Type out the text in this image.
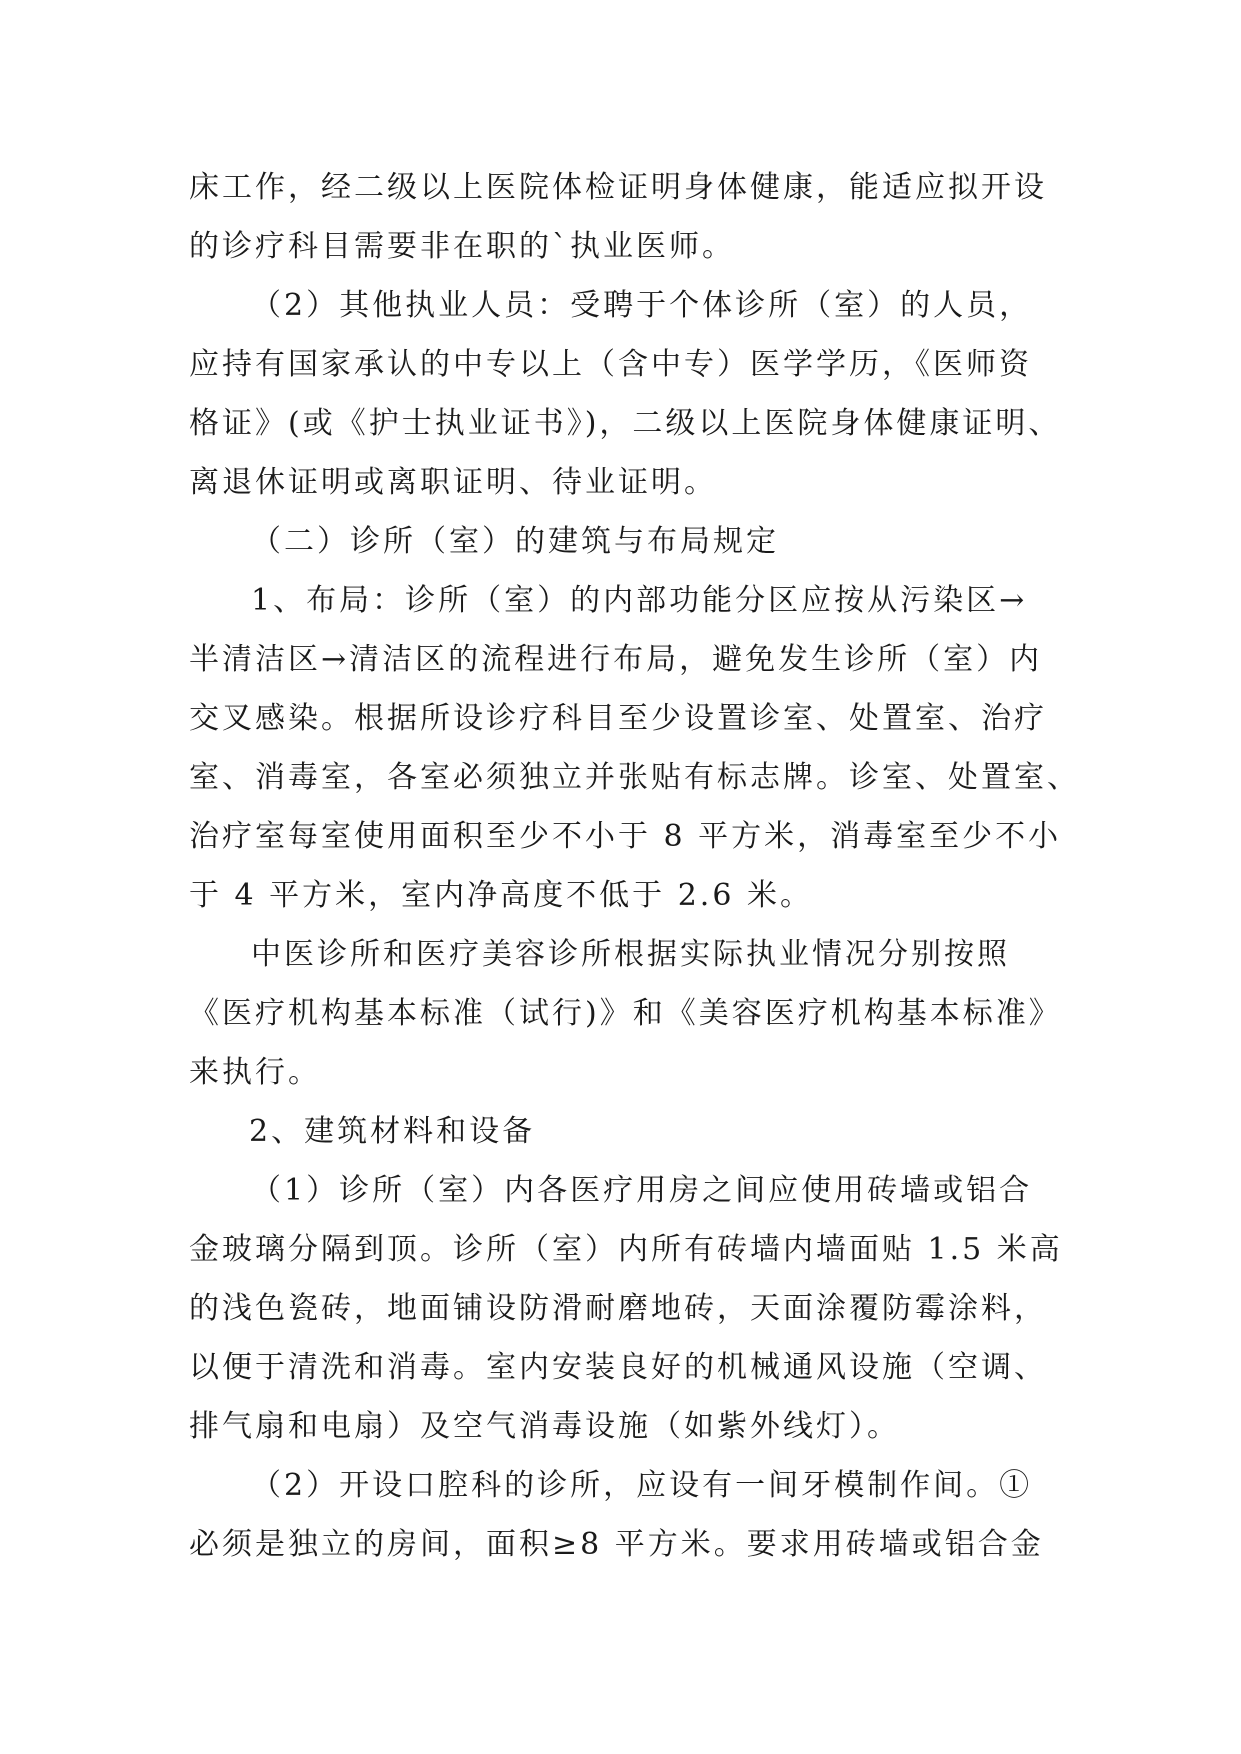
床工作，经二级以上医院体检证明身体健康，能适应拟开设
的诊疗科目需要非在职的`执业医师。
（2）其他执业人员：受聘于个体诊所（室）的人员，
应持有国家承认的中专以上（含中专）医学学历，《医师资
格证》(或《护士执业证书》)，二级以上医院身体健康证明、
离退休证明或离职证明、待业证明。
（二）诊所（室）的建筑与布局规定
1、布局：诊所（室）的内部功能分区应按从污染区→
半清洁区→清洁区的流程进行布局，避免发生诊所（室）内
交叉感染。根据所设诊疗科目至少设置诊室、处置室、治疗
室、消毒室，各室必须独立并张贴有标志牌。诊室、处置室、
治疗室每室使用面积至少不小于 8 平方米，消毒室至少不小
于 4 平方米，室内净高度不低于 2.6 米。
中医诊所和医疗美容诊所根据实际执业情况分别按照
《医疗机构基本标准（试行)》和《美容医疗机构基本标准》
来执行。
2、建筑材料和设备
（1）诊所（室）内各医疗用房之间应使用砖墙或铝合
金玻璃分隔到顶。诊所（室）内所有砖墙内墙面贴 1.5 米高
的浅色瓷砖，地面铺设防滑耐磨地砖，天面涂覆防霉涂料，
以便于清洗和消毒。室内安装良好的机械通风设施（空调、
排气扇和电扇）及空气消毒设施（如紫外线灯）。
（2）开设口腔科的诊所，应设有一间牙模制作间。①
必须是独立的房间，面积≥8 平方米。要求用砖墙或铝合金
